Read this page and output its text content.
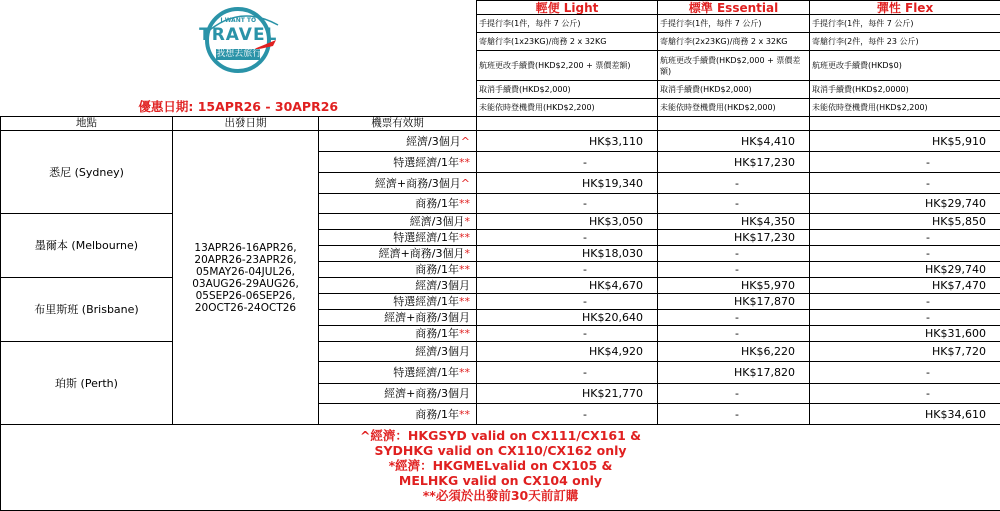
I WANT TO
TRAVEL
我想去旅行			輕便 Light	標準 Essential	彈性 Flex
			手提行李(1件，每件 7 公斤)	手提行李(1件，每件 7 公斤)	手提行李(1件，每件 7 公斤)
			寄艙行李(1x23KG)/商務 2 x 32KG	寄艙行李(2x23KG)/商務 2 x 32KG	寄艙行李(2件，每件 23 公斤)
			航班更改手續費(HKD$2,200 + 票價差額)	航班更改手續費(HKD$2,000 + 票價差額)	航班更改手續費(HKD$0)
			取消手續費(HKD$2,000)	取消手續費(HKD$2,000)	取消手續費(HKD$2,0000)
優惠日期: 15APR26 - 30APR26			未能依時登機費用(HKD$2,200)	未能依時登機費用(HKD$2,000)	未能依時登機費用(HKD$2,200)
地點	出發日期	機票有效期			
悉尼 (Sydney)	13APR26-16APR26, 20APR26-23APR26, 05MAY26-04JUL26, 03AUG26-29AUG26, 05SEP26-06SEP26, 20OCT26-24OCT26	經濟/3個月^	HK$3,110	HK$4,410	HK$5,910
		特選經濟/1年**	-	HK$17,230	-
		經濟+商務/3個月^	HK$19,340	-	-
		商務/1年**	-	-	HK$29,740
墨爾本 (Melbourne)		經濟/3個月*	HK$3,050	HK$4,350	HK$5,850
		特選經濟/1年**	-	HK$17,230	-
		經濟+商務/3個月*	HK$18,030	-	-
		商務/1年**	-	-	HK$29,740
布里斯班 (Brisbane)		經濟/3個月	HK$4,670	HK$5,970	HK$7,470
		特選經濟/1年**	-	HK$17,870	-
		經濟+商務/3個月	HK$20,640	-	-
		商務/1年**	-	-	HK$31,600
珀斯 (Perth)		經濟/3個月	HK$4,920	HK$6,220	HK$7,720
		特選經濟/1年**	-	HK$17,820	-
		經濟+商務/3個月	HK$21,770	-	-
		商務/1年**	-	-	HK$34,610

^經濟：HKGSYD valid on CX111/CX161 &
SYDHKG valid on CX110/CX162 only
*經濟：HKGMELvalid on CX105 &
MELHKG valid on CX104 only
**必須於出發前30天前訂購					
